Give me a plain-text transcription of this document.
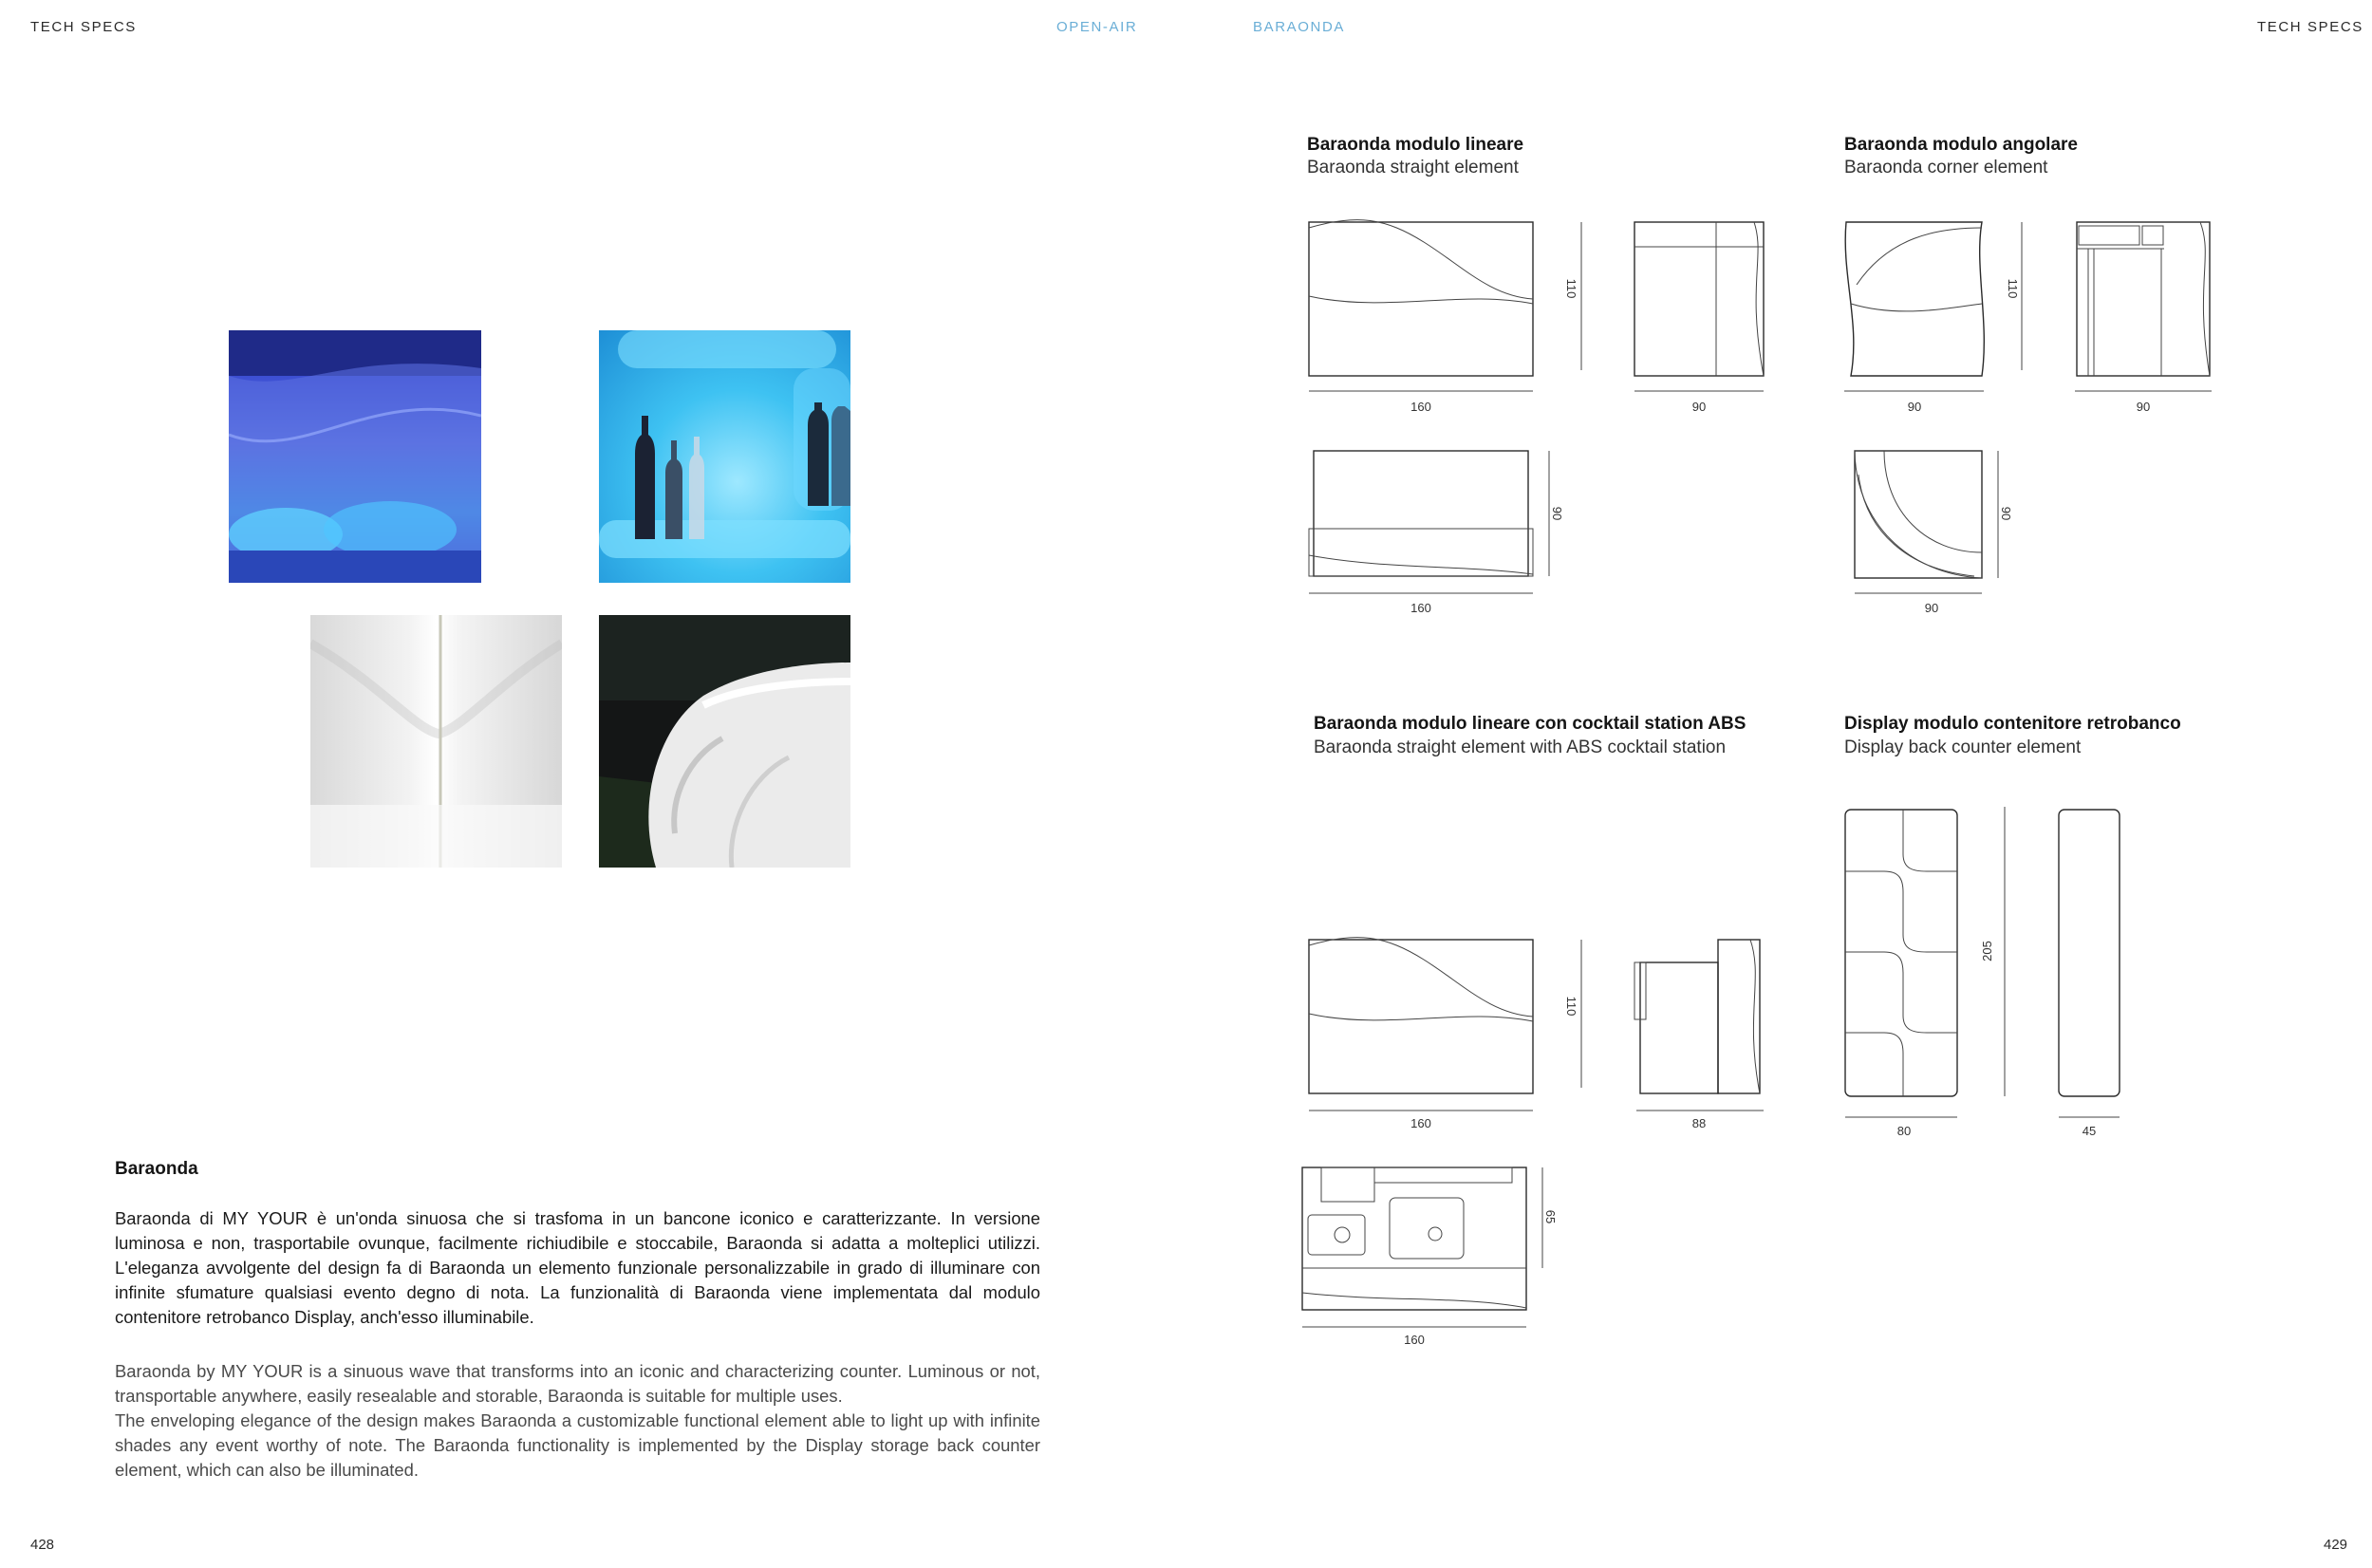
TECH SPECS	OPEN-AIR	BARAONDA	TECH SPECS
Baraonda
Baraonda di MY YOUR è un'onda sinuosa che si trasfoma in un bancone iconico e caratterizzante. In versione luminosa e non, trasportabile ovunque, facilmente richiudibile e stoccabile, Baraonda si adatta a molteplici utilizzi. L'eleganza avvolgente del design fa di Baraonda un elemento funzionale personalizzabile in grado di illuminare con infinite sfumature qualsiasi evento degno di nota. La funzionalità di Baraonda viene implementata dal modulo contenitore retrobanco Display, anch'esso illuminabile.

Baraonda by MY YOUR is a sinuous wave that transforms into an iconic and characterizing counter. Luminous or not, transportable anywhere, easily resealable and storable, Baraonda is suitable for multiple uses.

The enveloping elegance of the design makes Baraonda a customizable functional element able to light up with infinite shades any event worthy of note. The Baraonda functionality is implemented by the Display storage back counter element, which can also be illuminated.

Baraonda modulo lineare
Baraonda straight element
Baraonda modulo angolare
Baraonda corner element
Baraonda modulo lineare con cocktail station ABS
Baraonda straight element with ABS cocktail station
Display modulo contenitore retrobanco
Display back counter element
160
110
90
160
90
90
110
90
90
90
160
110
88
160
65
80
205
45
428	429
